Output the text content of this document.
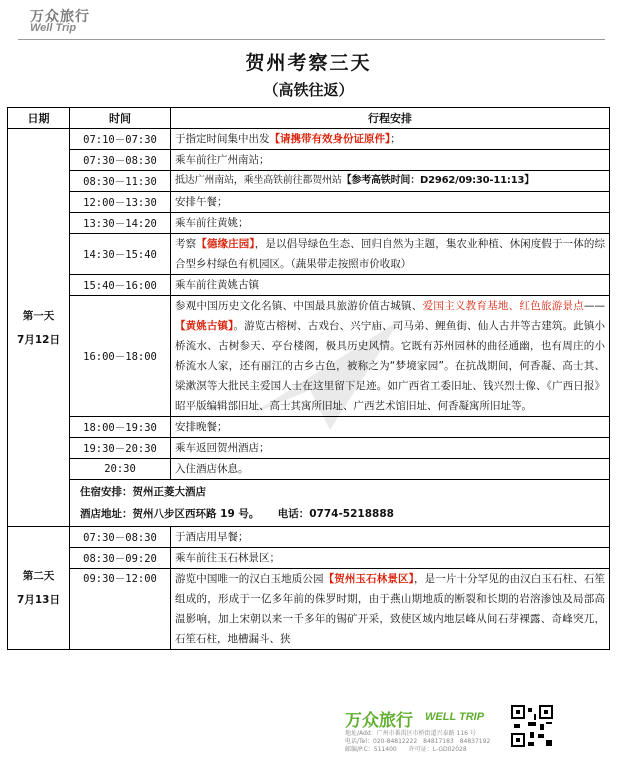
万众旅行
Well Trip
贺州考察三天
（高铁往返）
日期	时间	行程安排

第一天
7月12日	07:10－07:30	于指定时间集中出发【请携带有效身份证原件】；
	07:30－08:30	乘车前往广州南站；
	08:30－11:30	抵达广州南站，乘坐高铁前往都贺州站【参考高铁时间：D2962/09:30-11:13】
	12:00－13:30	安排午餐；
	13:30－14:20	乘车前往黄姚；
	14:30－15:40	考察【德缘庄园】，是以倡导绿色生态、回归自然为主题，集农业种植、休闲度假于一体的综合型乡村绿色有机园区。（蔬果带走按照市价收取）
	15:40－16:00	乘车前往黄姚古镇
	16:00－18:00	参观中国历史文化名镇、中国最具旅游价值古城镇、爱国主义教育基地、红色旅游景点——【黄姚古镇】。游览古榕树、古戏台、兴宁庙、司马弟、鲤鱼街、仙人古井等古建筑。此镇小桥流水、古树参天、亭台楼阁，极具历史风情。它既有苏州园林的曲径通幽，也有周庄的小桥流水人家，还有丽江的古乡古色，被称之为“梦境家园”。在抗战期间，何香凝、高士其、梁漱溟等大批民主爱国人士在这里留下足迹。如广西省工委旧址、钱兴烈士像、《广西日报》昭平版编辑部旧址、高士其寓所旧址、广西艺术馆旧址、何香凝寓所旧址等。
	18:00－19:30	安排晚餐；
	19:30－20:30	乘车返回贺州酒店；
	20:30	入住酒店休息。

	住宿安排：贺州正菱大酒店
酒店地址：贺州八步区西环路 19 号。 电话：0774-5218888	

第二天
7月13日	07:30－08:30	于酒店用早餐；
	08:30－09:20	乘车前往玉石林景区；
	09:30－12:00	游览中国唯一的汉白玉地质公园【贺州玉石林景区】，是一片十分罕见的由汉白玉石柱、石笙组成的，形成于一亿多年前的侏罗时期，由于燕山期地质的断裂和长期的岩溶渗蚀及局部高温影响，加上宋朝以来一千多年的锡矿开采，致使区域内地层峰从间石芽裸露、奇峰突兀，石笙石柱，地槽漏斗、狭
万众旅行 WELL TRIP
地址/Add：广州市番禺区市桥街道兴泰路 116 号
电话/Tel：020-84812222　84817183　84837192
邮编/P.C：511400　　许可证：L-GD02028
